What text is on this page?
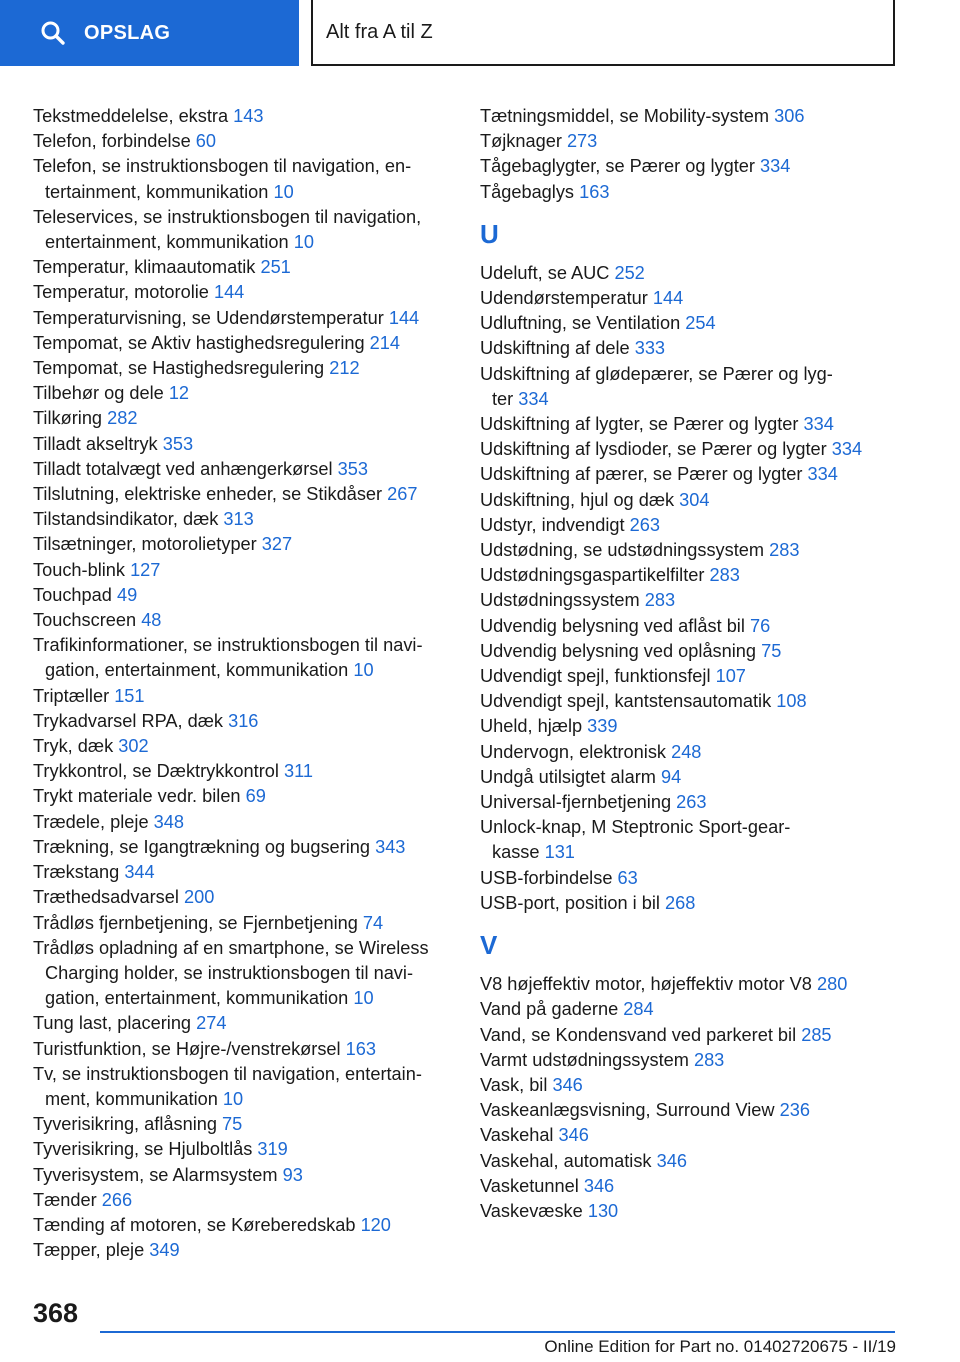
OPSLAG	Alt fra A til Z
Tekstmeddelelse, ekstra 143
Telefon, forbindelse 60
Telefon, se instruktionsbogen til navigation, en‐
tertainment, kommunikation 10
Teleservices, se instruktionsbogen til navigation,
entertainment, kommunikation 10
Temperatur, klimaautomatik 251
Temperatur, motorolie 144
Temperaturvisning, se Udendørstemperatur 144
Tempomat, se Aktiv hastighedsregulering 214
Tempomat, se Hastighedsregulering 212
Tilbehør og dele 12
Tilkøring 282
Tilladt akseltryk 353
Tilladt totalvægt ved anhængerkørsel 353
Tilslutning, elektriske enheder, se Stikdåser 267
Tilstandsindikator, dæk 313
Tilsætninger, motorolietyper 327
Touch-blink 127
Touchpad 49
Touchscreen 48
Trafikinformationer, se instruktionsbogen til navi‐
gation, entertainment, kommunikation 10
Triptæller 151
Trykadvarsel RPA, dæk 316
Tryk, dæk 302
Trykkontrol, se Dæktrykkontrol 311
Trykt materiale vedr. bilen 69
Trædele, pleje 348
Trækning, se Igangtrækning og bugsering 343
Trækstang 344
Træthedsadvarsel 200
Trådløs fjernbetjening, se Fjernbetjening 74
Trådløs opladning af en smartphone, se Wireless
Charging holder, se instruktionsbogen til navi‐
gation, entertainment, kommunikation 10
Tung last, placering 274
Turistfunktion, se Højre-/venstrekørsel 163
Tv, se instruktionsbogen til navigation, entertain‐
ment, kommunikation 10
Tyverisikring, aflåsning 75
Tyverisikring, se Hjulboltlås 319
Tyverisystem, se Alarmsystem 93
Tænder 266
Tænding af motoren, se Køreberedskab 120
Tæpper, pleje 349
Tætningsmiddel, se Mobility-system 306
Tøjknager 273
Tågebaglygter, se Pærer og lygter 334
Tågebaglys 163
U
Udeluft, se AUC 252
Udendørstemperatur 144
Udluftning, se Ventilation 254
Udskiftning af dele 333
Udskiftning af glødepærer, se Pærer og lyg‐
ter 334
Udskiftning af lygter, se Pærer og lygter 334
Udskiftning af lysdioder, se Pærer og lygter 334
Udskiftning af pærer, se Pærer og lygter 334
Udskiftning, hjul og dæk 304
Udstyr, indvendigt 263
Udstødning, se udstødningssystem 283
Udstødningsgaspartikelfilter 283
Udstødningssystem 283
Udvendig belysning ved aflåst bil 76
Udvendig belysning ved oplåsning 75
Udvendigt spejl, funktionsfejl 107
Udvendigt spejl, kantstensautomatik 108
Uheld, hjælp 339
Undervogn, elektronisk 248
Undgå utilsigtet alarm 94
Universal-fjernbetjening 263
Unlock-knap, M Steptronic Sport-gear‐
kasse 131
USB-forbindelse 63
USB-port, position i bil 268
V
V8 højeffektiv motor, højeffektiv motor V8 280
Vand på gaderne 284
Vand, se Kondensvand ved parkeret bil 285
Varmt udstødningssystem 283
Vask, bil 346
Vaskeanlægsvisning, Surround View 236
Vaskehal 346
Vaskehal, automatisk 346
Vasketunnel 346
Vaskevæske 130
368
Online Edition for Part no. 01402720675 - II/19
